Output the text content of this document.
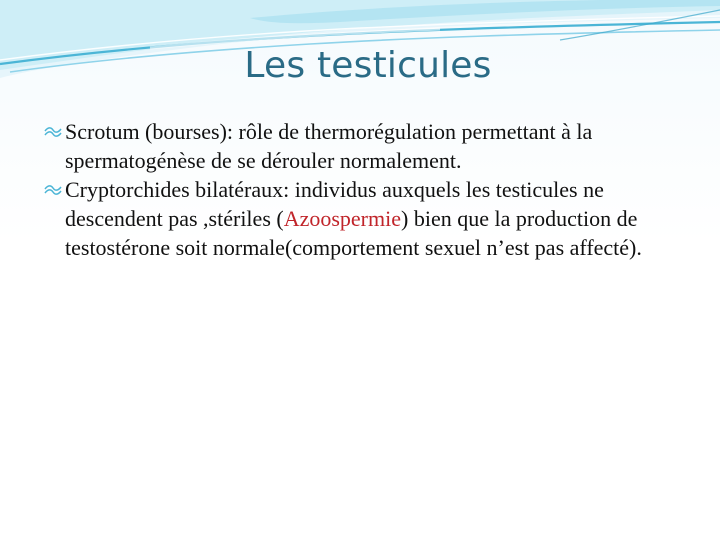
Les testicules
Scrotum (bourses): rôle de thermorégulation permettant à la spermatogénèse de se dérouler normalement.
Cryptorchides bilatéraux: individus auxquels les testicules ne descendent pas ,stériles (Azoospermie) bien que la production de testostérone soit normale(comportement sexuel n’est pas affecté).
